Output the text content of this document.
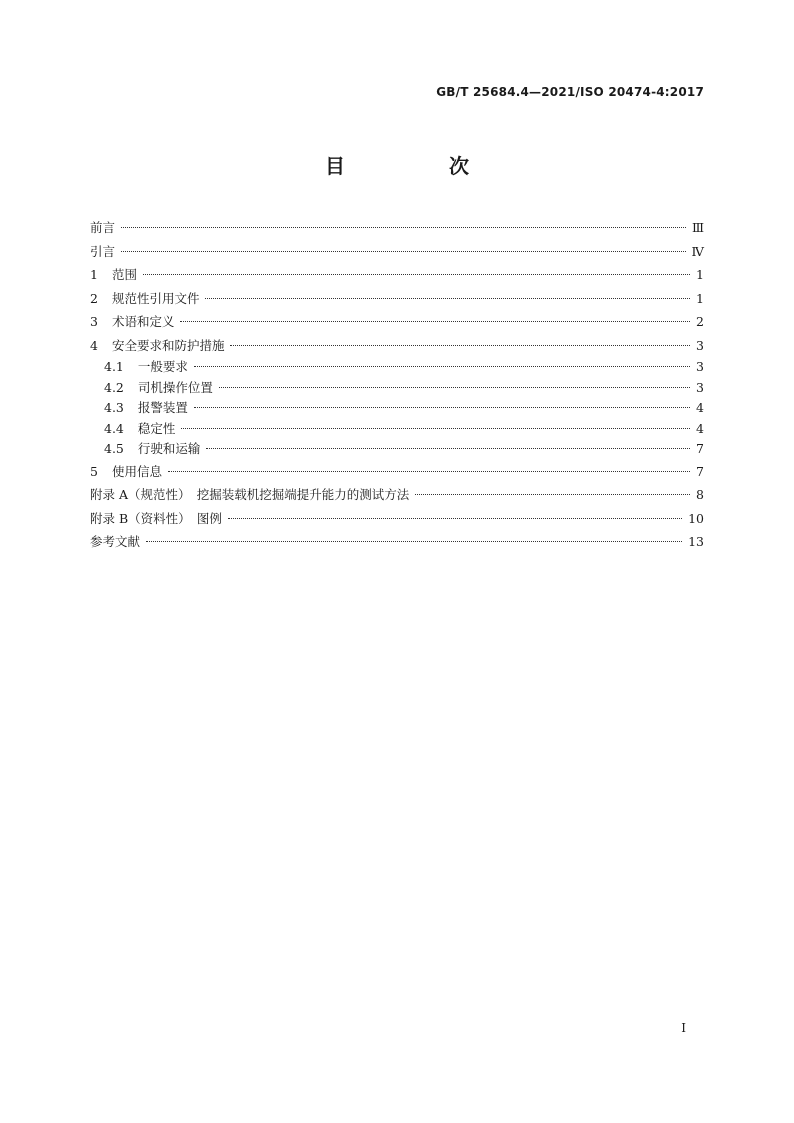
GB/T 25684.4—2021/ISO 20474-4:2017
目　次
前言	Ⅲ
引言	Ⅳ
1 范围	1
2 规范性引用文件	1
3 术语和定义	2
4 安全要求和防护措施	3
4.1 一般要求	3
4.2 司机操作位置	3
4.3 报警装置	4
4.4 稳定性	4
4.5 行驶和运输	7
5 使用信息	7
附录 A（规范性）　挖掘装载机挖掘端提升能力的测试方法	8
附录 B（资料性）　图例	10
参考文献	13
Ⅰ
